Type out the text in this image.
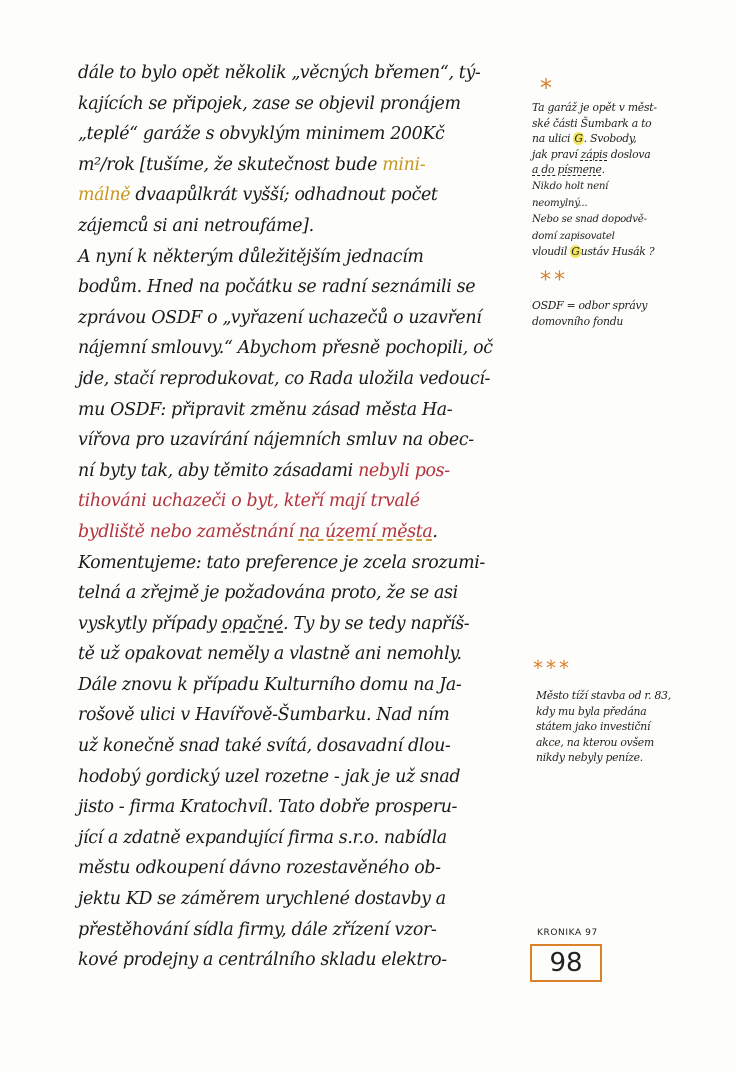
dále to bylo opět několik „věcných břemen“, tý-
kajících se připojek, zase se objevil pronájem
„teplé“ garáže s obvyklým minimem 200Kč
m²/rok [tušíme, že skutečnost bude mini-
málně dvaapůlkrát vyšší; odhadnout počet
zájemců si ani netroufáme].
A nyní k některým důležitějším jednacím
bodům. Hned na počátku se radní seznámili se
zprávou OSDF o „vyřazení uchazečů o uzavření
nájemní smlouvy.“ Abychom přesně pochopili, oč
jde, stačí reprodukovat, co Rada uložila vedoucí-
mu OSDF: připravit změnu zásad města Ha-
vířova pro uzavírání nájemních smluv na obec-
ní byty tak, aby těmito zásadami nebyli pos-
tihováni uchazeči o byt, kteří mají trvalé
bydliště nebo zaměstnání na území města.
Komentujeme: tato preference je zcela srozumi-
telná a zřejmě je požadována proto, že se asi
vyskytly případy opačné. Ty by se tedy napříš-
tě už opakovat neměly a vlastně ani nemohly.
Dále znovu k případu Kulturního domu na Ja-
rošově ulici v Havířově-Šumbarku. Nad ním
už konečně snad také svítá, dosavadní dlou-
hodobý gordický uzel rozetne - jak je už snad
jisto - firma Kratochvíl. Tato dobře prosperu-
jící a zdatně expandující firma s.r.o. nabídla
městu odkoupení dávno rozestavěného ob-
jektu KD se záměrem urychlené dostavby a
přestěhování sídla firmy, dále zřízení vzor-
kové prodejny a centrálního skladu elektro-
*
Ta garáž je opět v měst-
ské části Šumbark a to
na ulici G. Svobody,
jak praví zápis doslova
a do písmene.
Nikdo holt není
neomylný...
Nebo se snad dopodvě-
domí zapisovatel
vloudil Gustáv Husák ?
**
OSDF = odbor správy
domovního fondu
***
Město tíží stavba od r. 83,
kdy mu byla předána
státem jako investiční
akce, na kterou ovšem
nikdy nebyly peníze.
KRONIKA 97
98
